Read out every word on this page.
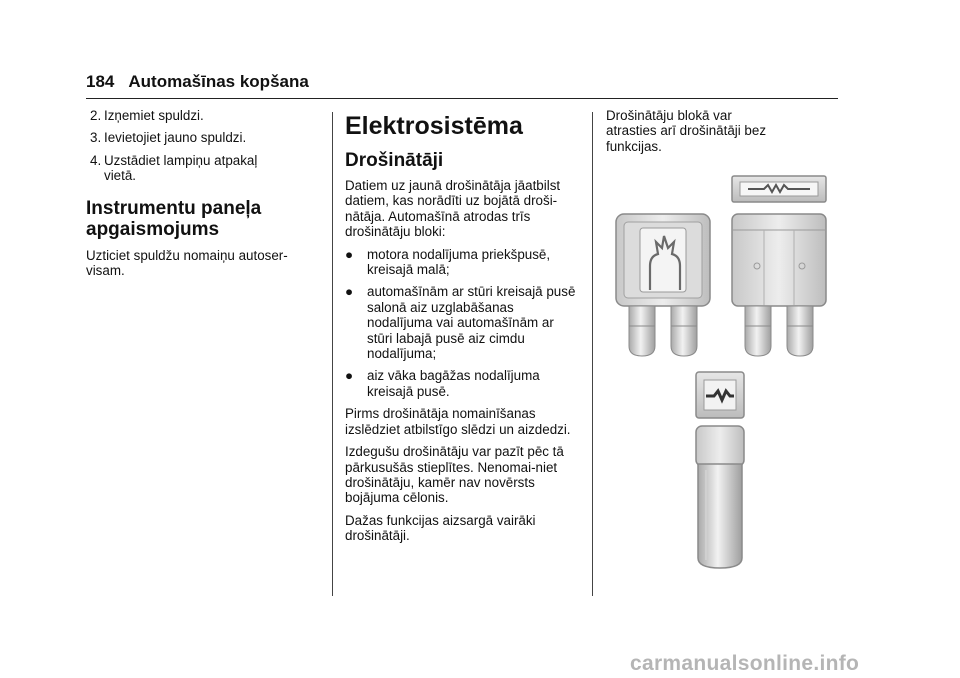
184 Automašīnas kopšana
2. Izņemiet spuldzi.
3. Ievietojiet jauno spuldzi.
4. Uzstādiet lampiņu atpakaļ vietā.
Instrumentu paneļa apgaismojums

Uzticiet spuldžu nomaiņu autoser-visam.

Elektrosistēma
Drošinātāji

Datiem uz jaunā drošinātāja jāatbilst datiem, kas norādīti uz bojātā droši-nātāja. Automašīnā atrodas trīs drošinātāju bloki:

● motora nodalījuma priekšpusē, kreisajā malā;
● automašīnām ar stūri kreisajā pusē salonā aiz uzglabāšanas nodalījuma vai automašīnām ar stūri labajā pusē aiz cimdu nodalījuma;
● aiz vāka bagāžas nodalījuma kreisajā pusē.

Pirms drošinātāja nomainīšanas izslēdziet atbilstīgo slēdzi un aizdedzi.

Izdegušu drošinātāju var pazīt pēc tā pārkusušās stieplītes. Nenomai-niet drošinātāju, kamēr nav novērsts bojājuma cēlonis.

Dažas funkcijas aizsargā vairāki drošinātāji.

Drošinātāju blokā var atrasties arī drošinātāji bez funkcijas.

carmanualsonline.info
